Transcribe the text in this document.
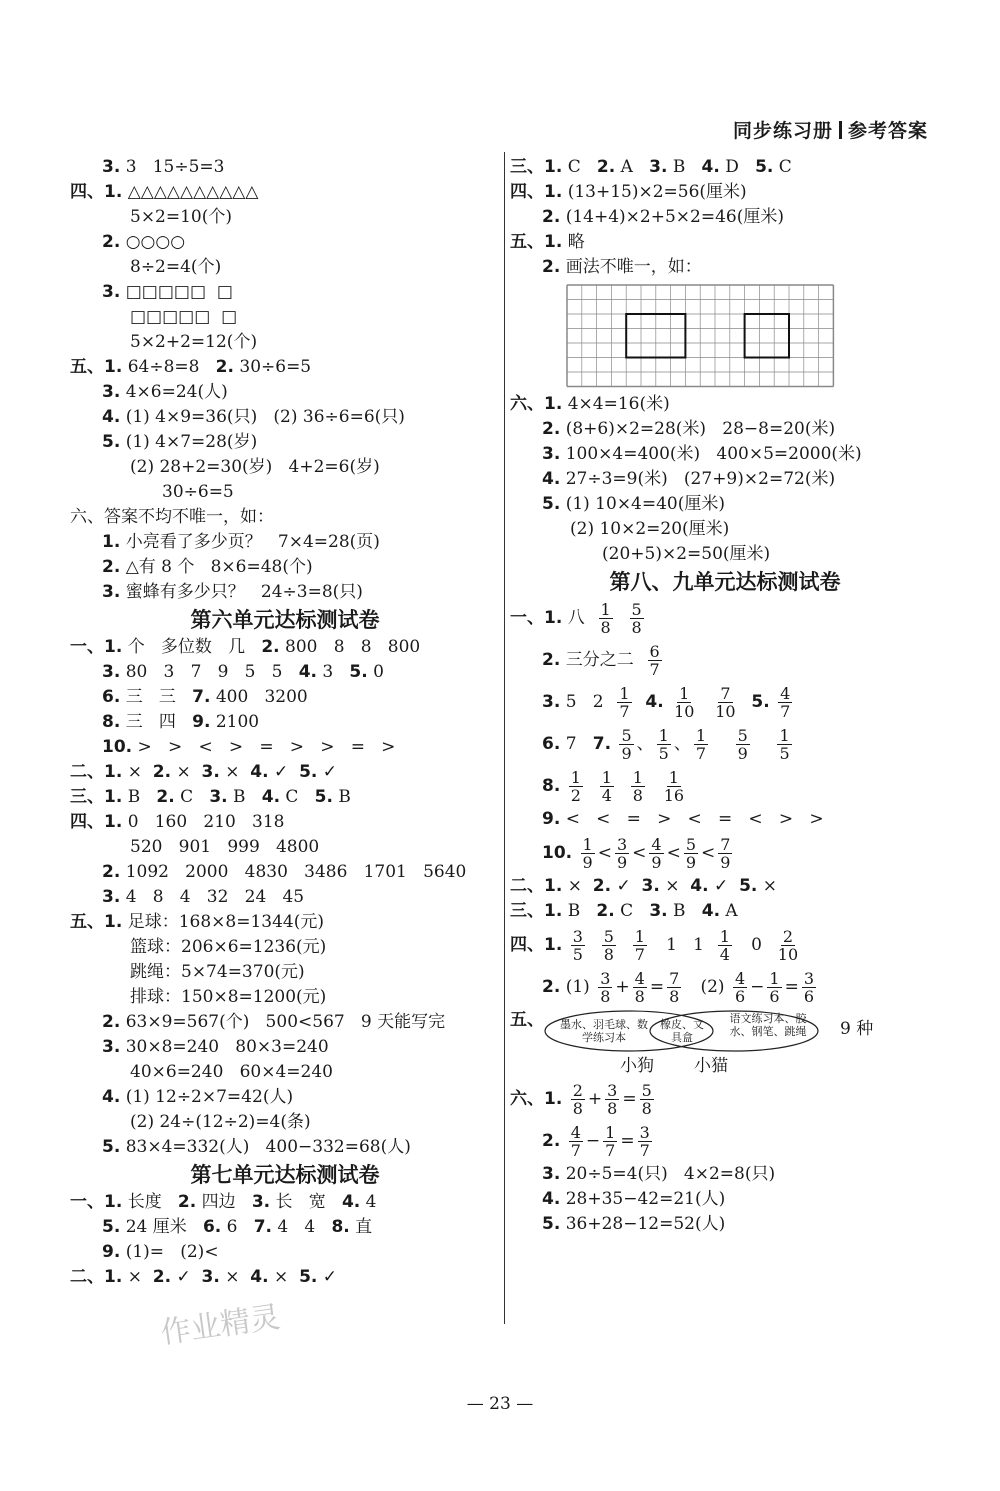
同步练习册 参考答案
3. 3   15÷5=3
四、1. △△△△△△△△△△
5×2=10(个)
2. ○○○○
8÷2=4(个)
3. □□□□□  □
□□□□□  □
5×2+2=12(个)
五、1. 64÷8=8   2. 30÷6=5
3. 4×6=24(人)
4. (1) 4×9=36(只)   (2) 36÷6=6(只)
5. (1) 4×7=28(岁)
(2) 28+2=30(岁)   4+2=6(岁)
30÷6=5
六、答案不均不唯一，如：
1. 小亮看了多少页？   7×4=28(页)
2. △有 8 个   8×6=48(个)
3. 蜜蜂有多少只？   24÷3=8(只)
第六单元达标测试卷
一、1. 个   多位数   几   2. 800   8   8   800
3. 80   3   7   9   5   5   4. 3   5. 0
6. 三   三   7. 400   3200
8. 三   四   9. 2100
10. >   >   <   >   =   >   >   =   >
二、1. ×  2. ×  3. ×  4. ✓  5. ✓
三、1. B   2. C   3. B   4. C   5. B
四、1. 0   160   210   318
520   901   999   4800
2. 1092   2000   4830   3486   1701   5640
3. 4   8   4   32   24   45
五、1. 足球：168×8=1344(元)
篮球：206×6=1236(元)
跳绳：5×74=370(元)
排球：150×8=1200(元)
2. 63×9=567(个)   500<567   9 天能写完
3. 30×8=240   80×3=240
40×6=240   60×4=240
4. (1) 12÷2×7=42(人)
(2) 24÷(12÷2)=4(条)
5. 83×4=332(人)   400−332=68(人)
第七单元达标测试卷
一、1. 长度   2. 四边   3. 长   宽   4. 4
5. 24 厘米   6. 6   7. 4   4   8. 直
9. (1)=   (2)<
二、1. ×  2. ✓  3. ×  4. ×  5. ✓
三、1. C   2. A   3. B   4. D   5. C
四、1. (13+15)×2=56(厘米)
2. (14+4)×2+5×2=46(厘米)
五、1. 略
2. 画法不唯一，如：
六、1. 4×4=16(米)
2. (8+6)×2=28(米)   28−8=20(米)
3. 100×4=400(米)   400×5=2000(米)
4. 27÷3=9(米)   (27+9)×2=72(米)
5. (1) 10×4=40(厘米)
(2) 10×2=20(厘米)
(20+5)×2=50(厘米)
第八、九单元达标测试卷
一、1. 八 $\frac{1}{8}$
$\frac{5}{8}$
2. 三分之二 $\frac{6}{7}$
3. 5   $2 \frac{1}{7} 4$. $\frac{1}{10}$
$\frac{7}{10} 5$. $\frac{4}{7}$
6. 7   7. $\frac{5}{9}$ 、 $\frac{1}{5}$ 、 $\frac{1}{7}$
$\frac{5}{9}$
$\frac{1}{5}$
8. $\frac{1}{2}$
$\frac{1}{4}$
$\frac{1}{8}$
$\frac{1}{16}$
9. <   <   =   >   <   =   <   >   >
10. $\frac{1}{9} < \frac{3}{9} < \frac{4}{9} < \frac{5}{9} < \frac{7}{9}$
二、1. ×  2. ✓  3. ×  4. ✓  5. ×
三、1. B   2. C   3. B   4. A
四、1. $\frac{3}{5}$
$\frac{5}{8}$
$\frac{1}{7} 1$   $1 \frac{1}{4} 0 \frac{2}{10}$
2. $(1) \frac{3}{8} + \frac{4}{8} = \frac{7}{8} (2) \frac{4}{6} - \frac{1}{6} = \frac{3}{6}$
五、 墨水、羽毛球、数学练习本
橡皮、文具盒
语文练习本、胶水、钢笔、跳绳	9 种
小狗 小猫
六、1. $\frac{2}{8} + \frac{3}{8} = \frac{5}{8}$
2. $\frac{4}{7} - \frac{1}{7} = \frac{3}{7}$
3. 20÷5=4(只)   4×2=8(只)
4. 28+35−42=21(人)
5. 36+28−12=52(人)
作业精灵
— 23 —
